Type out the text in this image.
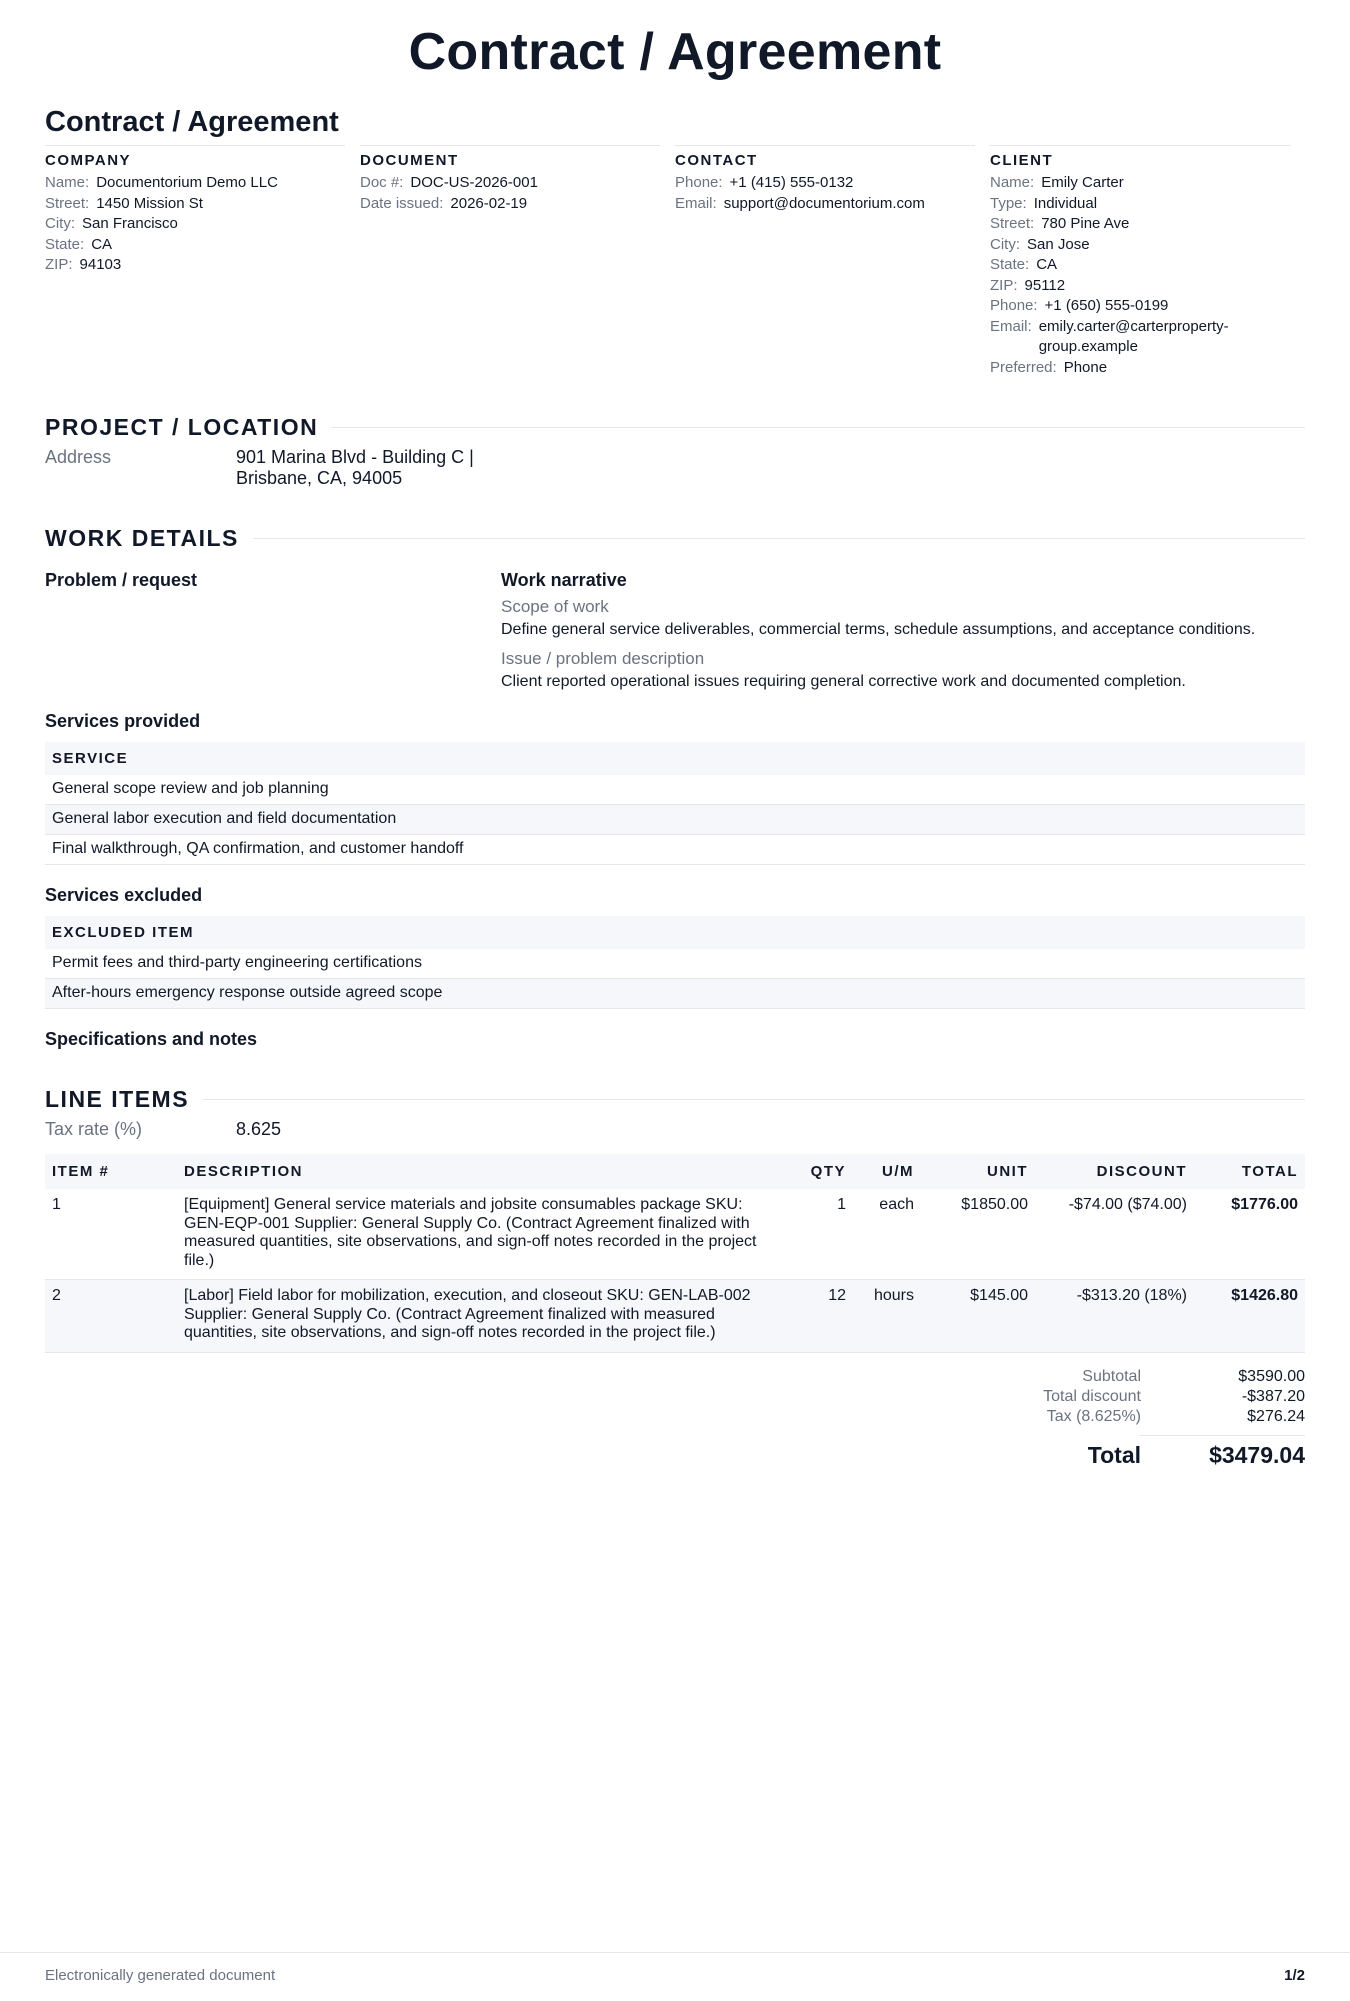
Contract / Agreement
Contract / Agreement
COMPANY
Name: Documentorium Demo LLC
Street: 1450 Mission St
City: San Francisco
State: CA
ZIP: 94103
DOCUMENT
Doc #: DOC-US-2026-001
Date issued: 2026-02-19
CONTACT
Phone: +1 (415) 555-0132
Email: support@documentorium.com
CLIENT
Name: Emily Carter
Type: Individual
Street: 780 Pine Ave
City: San Jose
State: CA
ZIP: 95112
Phone: +1 (650) 555-0199
Email: emily.carter@carterproperty-group.example
Preferred: Phone
PROJECT / LOCATION
Address	901 Marina Blvd - Building C |
Brisbane, CA, 94005
WORK DETAILS
Problem / request	Work narrative
Scope of work
Define general service deliverables, commercial terms, schedule assumptions, and acceptance conditions.
Issue / problem description
Client reported operational issues requiring general corrective work and documented completion.
Services provided
SERVICE
General scope review and job planning
General labor execution and field documentation
Final walkthrough, QA confirmation, and customer handoff
Services excluded
EXCLUDED ITEM
Permit fees and third-party engineering certifications
After-hours emergency response outside agreed scope
Specifications and notes
LINE ITEMS
Tax rate (%)	8.625
ITEM #	DESCRIPTION	QTY	U/M	UNIT	DISCOUNT	TOTAL
1	[Equipment] General service materials and jobsite consumables package SKU: GEN-EQP-001 Supplier: General Supply Co. (Contract Agreement finalized with measured quantities, site observations, and sign-off notes recorded in the project file.)	1	each	$1850.00	-$74.00 ($74.00)	$1776.00
2	[Labor] Field labor for mobilization, execution, and closeout SKU: GEN-LAB-002 Supplier: General Supply Co. (Contract Agreement finalized with measured quantities, site observations, and sign-off notes recorded in the project file.)	12	hours	$145.00	-$313.20 (18%)	$1426.80
Subtotal	$3590.00
Total discount	-$387.20
Tax (8.625%)	$276.24
Total	$3479.04
Electronically generated document	1/2
